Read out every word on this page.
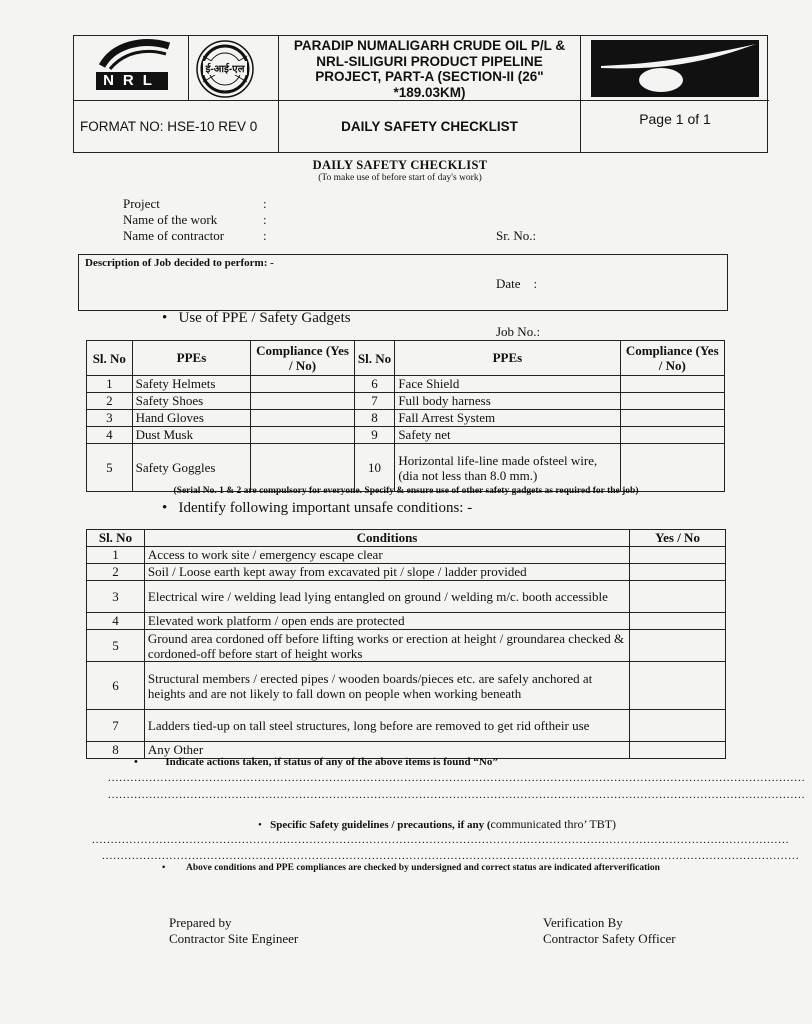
NRL
ई-आई-एल
PARADIP NUMALIGARH CRUDE OIL P/L & NRL-SILIGURI PRODUCT PIPELINE PROJECT, PART-A (SECTION-II (26" *189.03KM)
FORMAT NO: HSE-10 REV 0	DAILY SAFETY CHECKLIST	Page 1 of 1
DAILY SAFETY CHECKLIST
(To make use of before start of day's work)
Project	:
Name of the work	:
Name of contractor	:

	Sr. No.:

Date    :

Job No.:

Description of Job decided to perform: -
•   Use of PPE / Safety Gadgets
Sl. No	PPEs	Compliance (Yes / No)	Sl. No	PPEs	Compliance (Yes / No)
1	Safety Helmets		6	Face Shield	
2	Safety Shoes		7	Full body harness	
3	Hand Gloves		8	Fall Arrest System	
4	Dust Musk		9	Safety net	
5	Safety Goggles		10	Horizontal life-line made ofsteel wire, (dia not less than 8.0 mm.)	
(Serial No. 1 & 2 are compulsory for everyone. Specify & ensure use of other safety gadgets as required for the job)
•   Identify following important unsafe conditions: -
Sl. No	Conditions	Yes / No
1	Access to work site / emergency escape clear	
2	Soil / Loose earth kept away from excavated pit / slope / ladder provided	
3	Electrical wire / welding lead lying entangled on ground / welding m/c. booth accessible	
4	Elevated work platform / open ends are protected	
5	Ground area cordoned off before lifting works or erection at height / groundarea checked & cordoned-off before start of height works	
6	Structural members / erected pipes / wooden boards/pieces etc. are safely anchored at heights and are not likely to fall down on people when working beneath	
7	Ladders tied-up on tall steel structures, long before are removed to get rid oftheir use	
8	Any Other	
•          Indicate actions taken, if status of any of the above items is found “No”
..........................................................................................................................................................................................
..........................................................................................................................................................................................
•   Specific Safety guidelines / precautions, if any (communicated thro’ TBT)
..........................................................................................................................................................................................
..........................................................................................................................................................................................
•	Above conditions and PPE compliances are checked by undersigned and correct status are indicated afterverification
Prepared by
Contractor Site Engineer
Verification By
Contractor Safety Officer
